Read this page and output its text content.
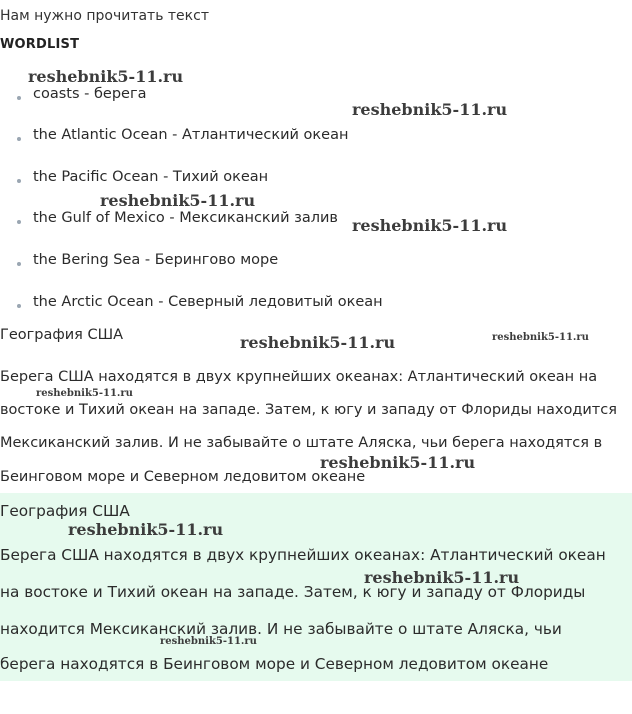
Нам нужно прочитать текст
WORDLIST
coasts - берега
the Atlantic Ocean - Атлантический океан
the Pacific Ocean - Тихий океан
the Gulf of Mexico - Мексиканский залив
the Bering Sea - Берингово море
the Arctic Ocean - Северный ледовитый океан
География США
Берега США находятся в двух крупнейших океанах: Атлантический океан на
востоке и Тихий океан на западе. Затем, к югу и западу от Флориды находится
Мексиканский залив. И не забывайте о штате Аляска, чьи берега находятся в
Беинговом море и Северном ледовитом океане
География США
Берега США находятся в двух крупнейших океанах: Атлантический океан
на востоке и Тихий океан на западе. Затем, к югу и западу от Флориды
находится Мексиканский залив. И не забывайте о штате Аляска, чьи
берега находятся в Беинговом море и Северном ледовитом океане
reshebnik5-11.ru
reshebnik5-11.ru
reshebnik5-11.ru
reshebnik5-11.ru
reshebnik5-11.ru	reshebnik5-11.ru
reshebnik5-11.ru
reshebnik5-11.ru
reshebnik5-11.ru
reshebnik5-11.ru
reshebnik5-11.ru
